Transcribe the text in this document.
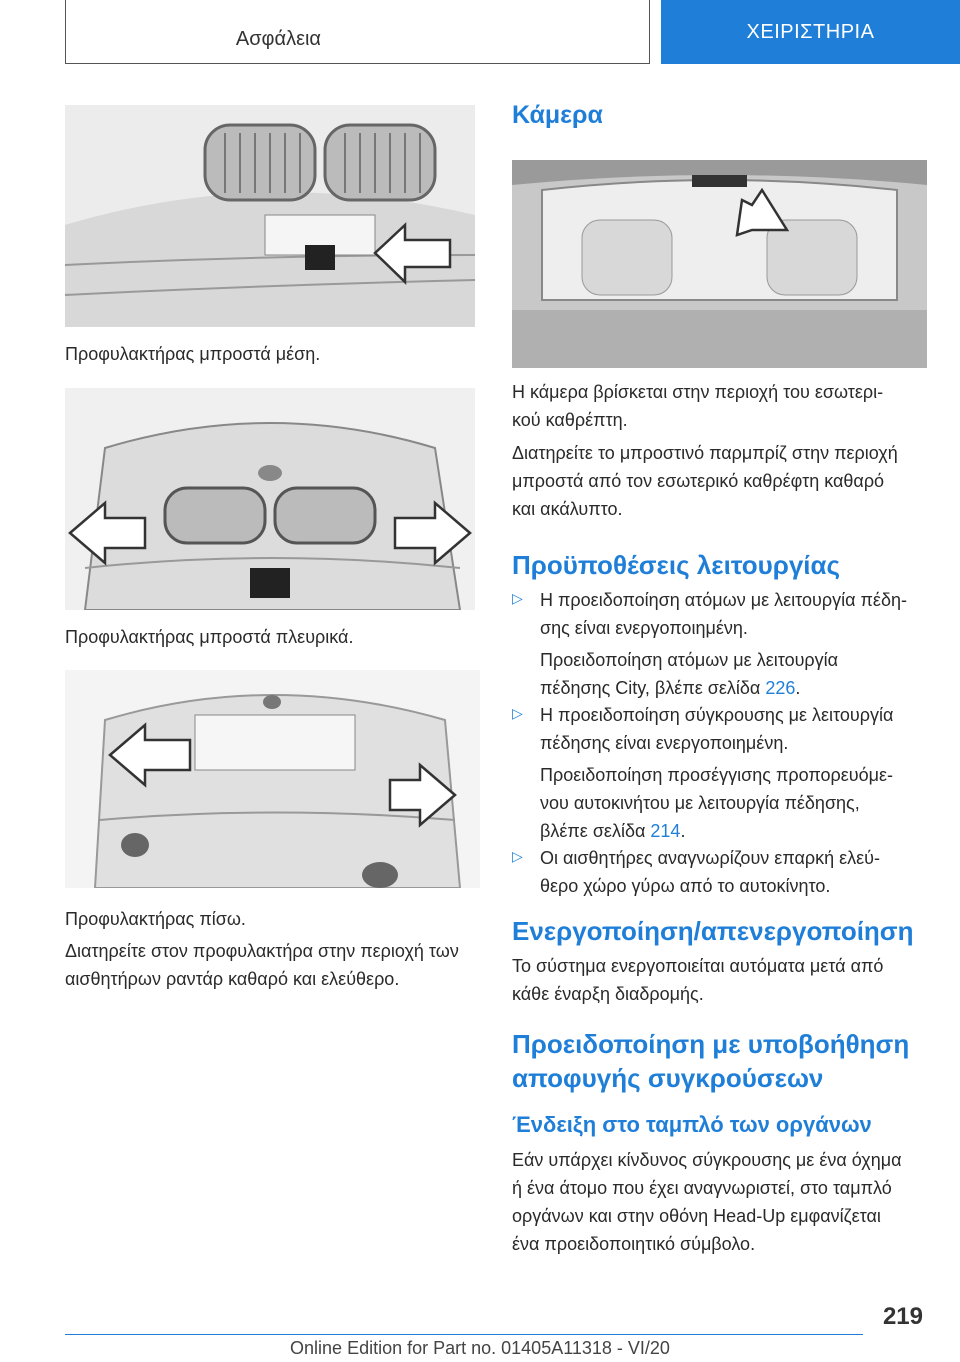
Ασφάλεια	ΧΕΙΡΙΣΤΗΡΙΑ
Προφυλακτήρας μπροστά μέση.
Προφυλακτήρας μπροστά πλευρικά.
Προφυλακτήρας πίσω.
Διατηρείτε στον προφυλακτήρα στην περιοχή των
αισθητήρων ραντάρ καθαρό και ελεύθερο.
Κάμερα
Η κάμερα βρίσκεται στην περιοχή του εσωτερι-
κού καθρέπτη.
Διατηρείτε το μπροστινό παρμπρίζ στην περιοχή
μπροστά από τον εσωτερικό καθρέφτη καθαρό
και ακάλυπτο.
Προϋποθέσεις λειτουργίας
▷ Η προειδοποίηση ατόμων με λειτουργία πέδη-
σης είναι ενεργοποιημένη.
Προειδοποίηση ατόμων με λειτουργία
πέδησης City, βλέπε σελίδα 226.
▷ Η προειδοποίηση σύγκρουσης με λειτουργία
πέδησης είναι ενεργοποιημένη.
Προειδοποίηση προσέγγισης προπορευόμε-
νου αυτοκινήτου με λειτουργία πέδησης,
βλέπε σελίδα 214.
▷ Οι αισθητήρες αναγνωρίζουν επαρκή ελεύ-
θερο χώρο γύρω από το αυτοκίνητο.
Ενεργοποίηση/απενεργοποίηση
Το σύστημα ενεργοποιείται αυτόματα μετά από
κάθε έναρξη διαδρομής.
Προειδοποίηση με υποβοήθηση
αποφυγής συγκρούσεων
Ένδειξη στο ταμπλό των οργάνων
Εάν υπάρχει κίνδυνος σύγκρουσης με ένα όχημα
ή ένα άτομο που έχει αναγνωριστεί, στο ταμπλό
οργάνων και στην οθόνη Head-Up εμφανίζεται
ένα προειδοποιητικό σύμβολο.
219
Online Edition for Part no. 01405A11318 - VI/20
